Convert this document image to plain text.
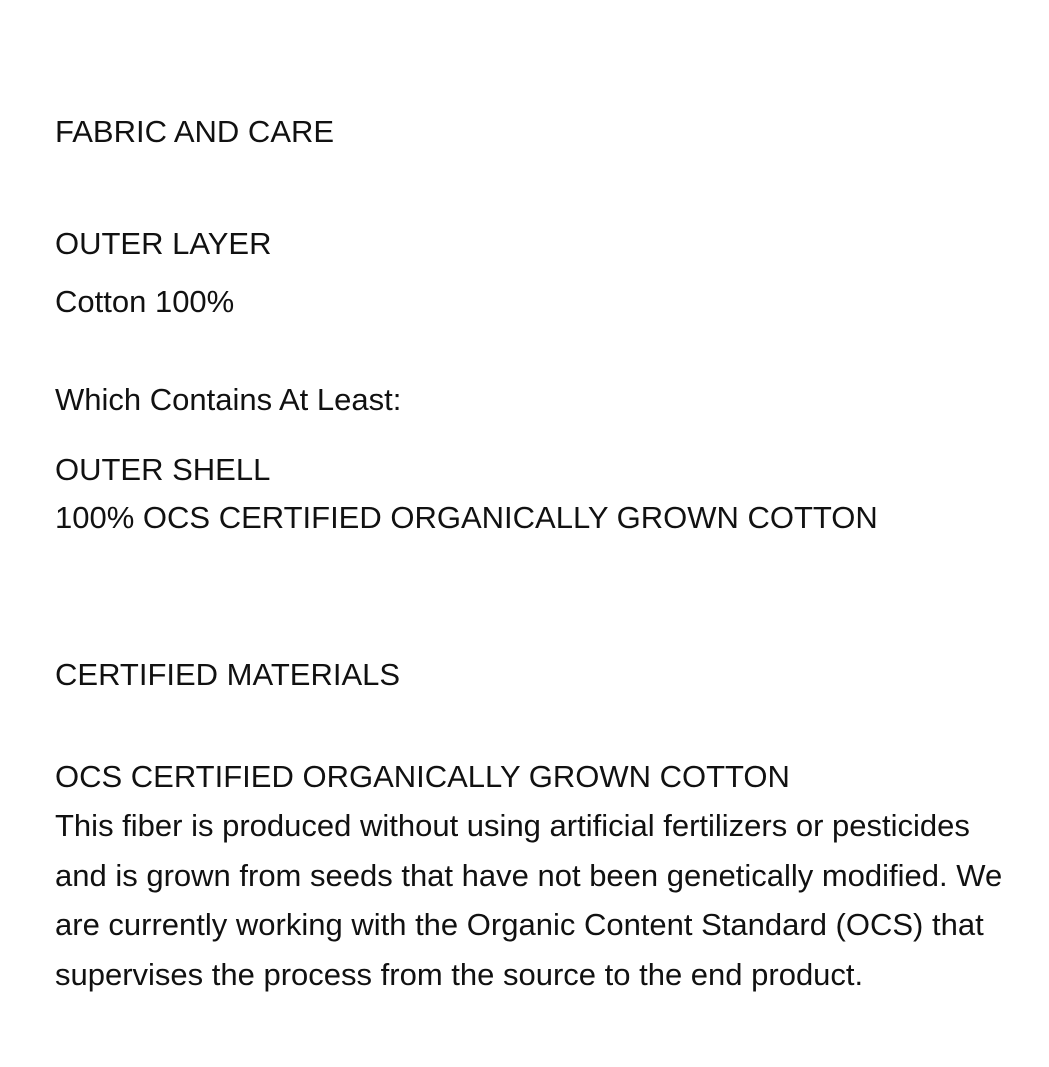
FABRIC AND CARE
OUTER LAYER
Cotton 100%
Which Contains At Least:
OUTER SHELL
100% OCS CERTIFIED ORGANICALLY GROWN COTTON
CERTIFIED MATERIALS
OCS CERTIFIED ORGANICALLY GROWN COTTON
This fiber is produced without using artificial fertilizers or pesticides and is grown from seeds that have not been genetically modified. We are currently working with the Organic Content Standard (OCS) that supervises the process from the source to the end product.
